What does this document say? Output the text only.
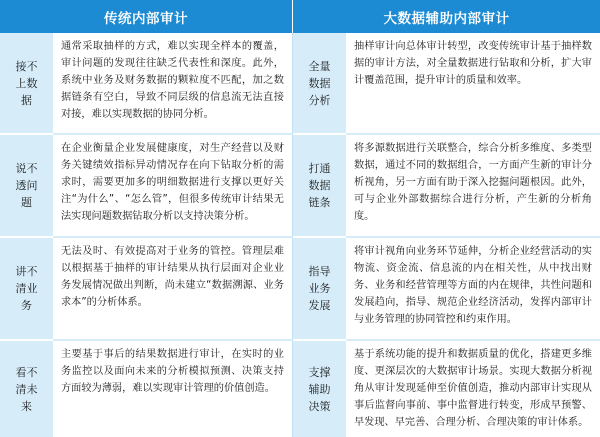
传统内部审计	大数据辅助内部审计
接不上数据
通常采取抽样的方式，难以实现全样本的覆盖，审计问题的发现往往缺乏代表性和深度。此外，系统中业务及财务数据的颗粒度不匹配，加之数据链条有空白，导致不同层级的信息流无法直接对接，难以实现数据的协同分析。
全量数据分析
抽样审计向总体审计转型，改变传统审计基于抽样数据的审计方法，对全量数据进行钻取和分析，扩大审计覆盖范围，提升审计的质量和效率。
说不透问题
在企业衡量企业发展健康度，对生产经营以及财务关键绩效指标异动情况存在向下钻取分析的需求时，需要更加多的明细数据进行支撑以更好关注“为什么”、“怎么管”，但很多传统审计结果无法实现问题数据钻取分析以支持决策分析。
打通数据链条
将多源数据进行关联整合，综合分析多维度、多类型数据，通过不同的数据组合，一方面产生新的审计分析视角，另一方面有助于深入挖掘问题根因。此外，可与企业外部数据综合进行分析，产生新的分析角度。
讲不清业务
无法及时、有效提高对于业务的管控。管理层难以根据基于抽样的审计结果从执行层面对企业业务发展情况做出判断，尚未建立“数据溯源、业务求本”的分析体系。
指导业务发展
将审计视角向业务环节延伸，分析企业经营活动的实物流、资金流、信息流的内在相关性，从中找出财务、业务和经营管理等方面的内在规律，共性问题和发展趋向，指导、规范企业经济活动，发挥内部审计与业务管理的协同管控和约束作用。
看不清未来
主要基于事后的结果数据进行审计，在实时的业务监控以及面向未来的分析模拟预测、决策支持方面较为薄弱，难以实现审计管理的价值创造。
支撑辅助决策
基于系统功能的提升和数据质量的优化，搭建更多维度、更深层次的大数据审计场景。实现大数据分析视角从审计发现延伸至价值创造，推动内部审计实现从事后监督向事前、事中监督进行转变，形成早预警、早发现、早完善、合理分析、合理决策的审计体系。
